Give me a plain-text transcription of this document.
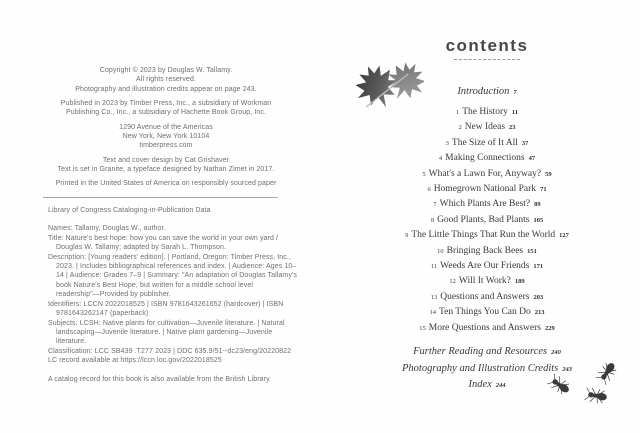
Copyright © 2023 by Douglas W. Tallamy.
All rights reserved.
Photography and illustration credits appear on page 243.
Published in 2023 by Timber Press, Inc., a subsidiary of Workman
Publishing Co., Inc., a subsidiary of Hachette Book Group, Inc.
1290 Avenue of the Americas
New York, New York 10104
timberpress.com
Text and cover design by Cat Grishaver
Text is set in Granite, a typeface designed by Nathan Zimet in 2017.
Printed in the United States of America on responsibly sourced paper
Library of Congress Cataloging-in-Publication Data

Names: Tallamy, Douglas W., author.

Title: Nature's best hope: how you can save the world in your own yard / Douglas W. Tallamy; adapted by Sarah L. Thompson.

Description: [Young readers' edition]. | Portland, Oregon: Timber Press, Inc., 2023. | Includes bibliographical references and index. | Audience: Ages 10–14 | Audience: Grades 7–9 | Summary: "An adaptation of Douglas Tallamy's book Nature's Best Hope, but written for a middle school level readership"—Provided by publisher.

Identifiers: LCCN 2022018525 | ISBN 9781643261652 (hardcover) | ISBN 9781643262147 (paperback)

Subjects: LCSH: Native plants for cultivation—Juvenile literature. | Natural landscaping—Juvenile literature. | Native plant gardening—Juvenile literature.

Classification: LCC SB439 .T277 2023 | DDC 635.9/51--dc23/eng/20220822

LC record available at https://lccn.loc.gov/2022018525

A catalog record for this book is also available from the British Library.

contents
Introduction 7
1 The History 11
2 New Ideas 23
3 The Size of It All 37
4 Making Connections 47
5 What's a Lawn For, Anyway? 59
6 Homegrown National Park 71
7 Which Plants Are Best? 89
8 Good Plants, Bad Plants 105
9 The Little Things That Run the World 127
10 Bringing Back Bees 151
11 Weeds Are Our Friends 171
12 Will It Work? 189
13 Questions and Answers 203
14 Ten Things You Can Do 213
15 More Questions and Answers 229
Further Reading and Resources 240
Photography and Illustration Credits 243
Index 244
